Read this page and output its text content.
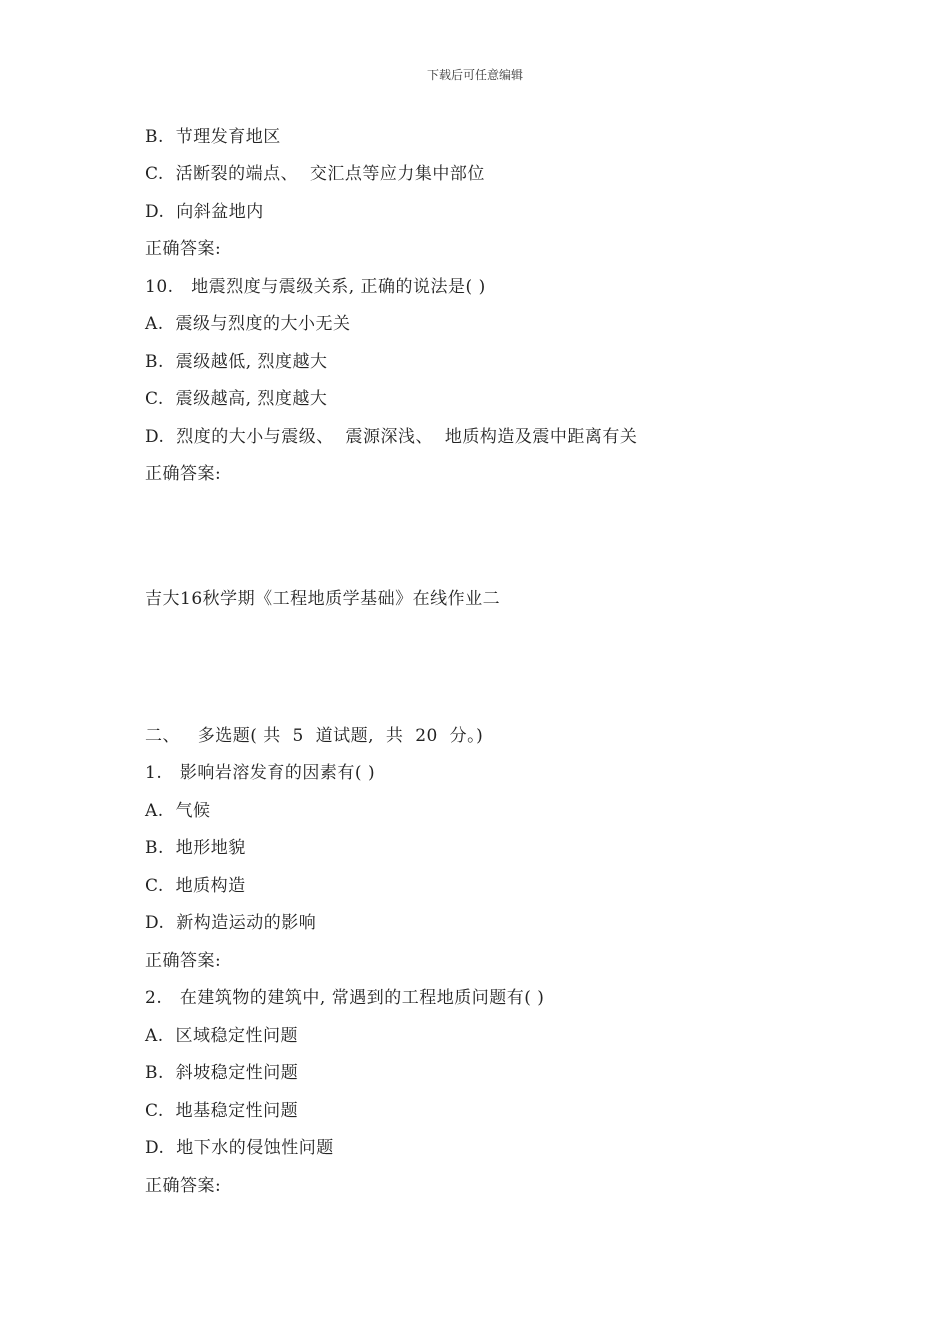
下载后可任意编辑
B.  节理发育地区
C.  活断裂的端点、  交汇点等应力集中部位
D.  向斜盆地内
正确答案:
10.   地震烈度与震级关系, 正确的说法是( )
A.  震级与烈度的大小无关
B.  震级越低, 烈度越大
C.  震级越高, 烈度越大
D.  烈度的大小与震级、  震源深浅、  地质构造及震中距离有关
正确答案:
吉大16秋学期《工程地质学基础》在线作业二
二、   多选题( 共  5  道试题,  共  20  分。)
1.   影响岩溶发育的因素有( )
A.  气候
B.  地形地貌
C.  地质构造
D.  新构造运动的影响
正确答案:
2.   在建筑物的建筑中, 常遇到的工程地质问题有( )
A.  区域稳定性问题
B.  斜坡稳定性问题
C.  地基稳定性问题
D.  地下水的侵蚀性问题
正确答案:
